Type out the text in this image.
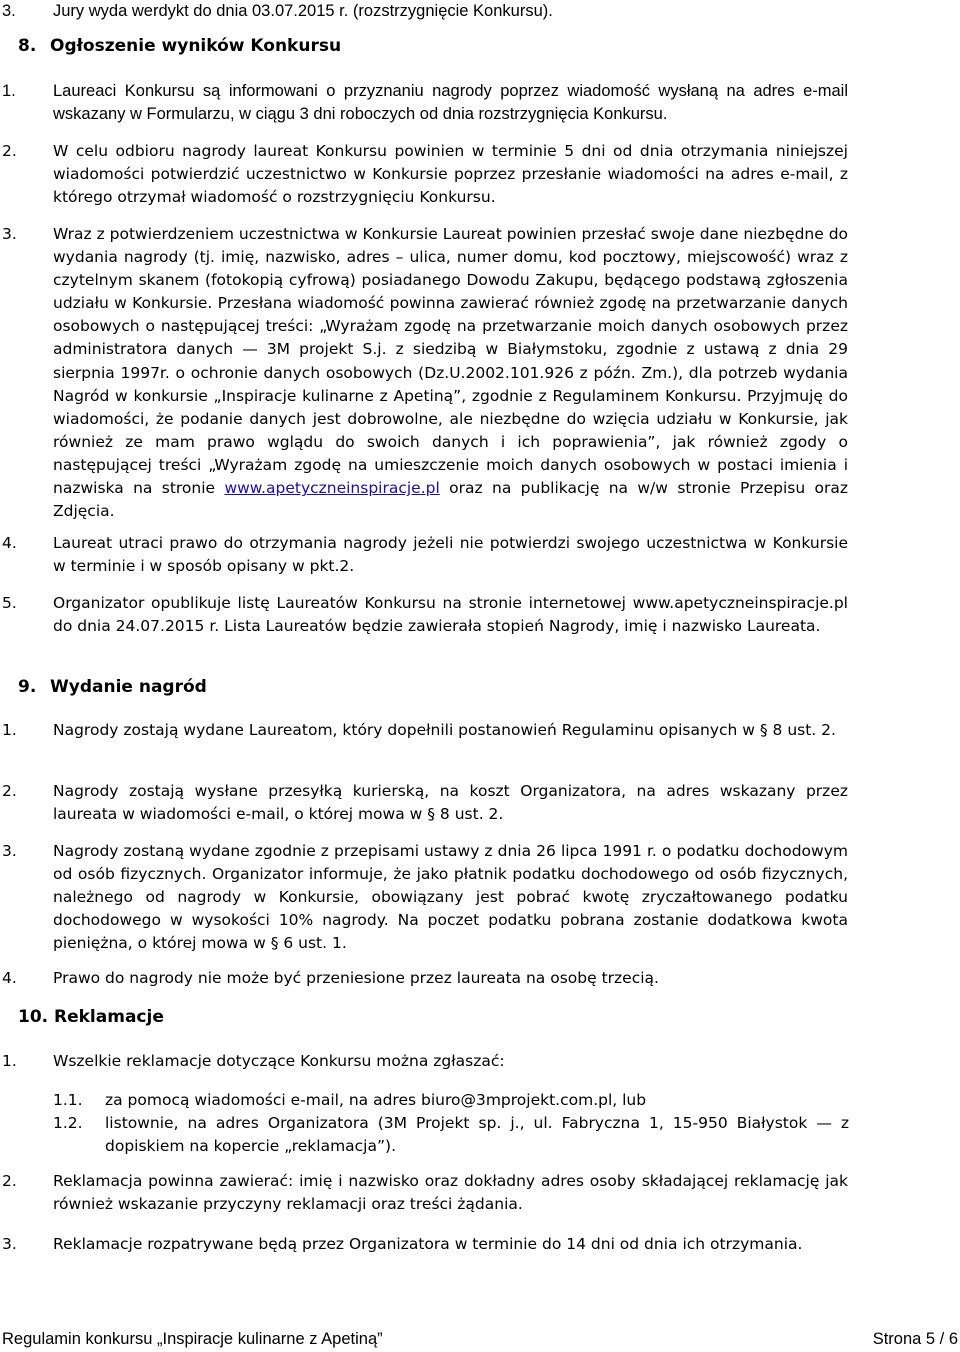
3.	Jury wyda werdykt do dnia 03.07.2015 r. (rozstrzygnięcie Konkursu).
8. Ogłoszenie wyników Konkursu
1.	Laureaci Konkursu są informowani o przyznaniu nagrody poprzez wiadomość wysłaną na adres e-mail wskazany w Formularzu, w ciągu 3 dni roboczych od dnia rozstrzygnięcia Konkursu.
2.	W celu odbioru nagrody laureat Konkursu powinien w terminie 5 dni od dnia otrzymania niniejszej wiadomości potwierdzić uczestnictwo w Konkursie poprzez przesłanie wiadomości na adres e-mail, z którego otrzymał wiadomość o rozstrzygnięciu Konkursu.
3.	Wraz z potwierdzeniem uczestnictwa w Konkursie Laureat powinien przesłać swoje dane niezbędne do wydania nagrody (tj. imię, nazwisko, adres – ulica, numer domu, kod pocztowy, miejscowość) wraz z czytelnym skanem (fotokopią cyfrową) posiadanego Dowodu Zakupu, będącego podstawą zgłoszenia udziału w Konkursie. Przesłana wiadomość powinna zawierać również zgodę na przetwarzanie danych osobowych o następującej treści: „Wyrażam zgodę na przetwarzanie moich danych osobowych przez administratora danych — 3M projekt S.j. z siedzibą w Białymstoku, zgodnie z ustawą z dnia 29 sierpnia 1997r. o ochronie danych osobowych (Dz.U.2002.101.926 z późn. Zm.), dla potrzeb wydania Nagród w konkursie „Inspiracje kulinarne z Apetiną”, zgodnie z Regulaminem Konkursu. Przyjmuję do wiadomości, że podanie danych jest dobrowolne, ale niezbędne do wzięcia udziału w Konkursie, jak również ze mam prawo wglądu do swoich danych i ich poprawienia”, jak również zgody o następującej treści „Wyrażam zgodę na umieszczenie moich danych osobowych w postaci imienia i nazwiska na stronie www.apetyczneinspiracje.pl oraz na publikację na w/w stronie Przepisu oraz Zdjęcia.
4.	Laureat utraci prawo do otrzymania nagrody jeżeli nie potwierdzi swojego uczestnictwa w Konkursie w terminie i w sposób opisany w pkt.2.
5.	Organizator opublikuje listę Laureatów Konkursu na stronie internetowej www.apetyczneinspiracje.pl do dnia 24.07.2015 r. Lista Laureatów będzie zawierała stopień Nagrody, imię i nazwisko Laureata.
9. Wydanie nagród
1.	Nagrody zostają wydane Laureatom, który dopełnili postanowień Regulaminu opisanych w § 8 ust. 2.
2.	Nagrody zostają wysłane przesyłką kurierską, na koszt Organizatora, na adres wskazany przez laureata w wiadomości e-mail, o której mowa w § 8 ust. 2.
3.	Nagrody zostaną wydane zgodnie z przepisami ustawy z dnia 26 lipca 1991 r. o podatku dochodowym od osób fizycznych. Organizator informuje, że jako płatnik podatku dochodowego od osób fizycznych, należnego od nagrody w Konkursie, obowiązany jest pobrać kwotę zryczałtowanego podatku dochodowego w wysokości 10% nagrody. Na poczet podatku pobrana zostanie dodatkowa kwota pieniężna, o której mowa w § 6 ust. 1.
4.	Prawo do nagrody nie może być przeniesione przez laureata na osobę trzecią.
10. Reklamacje
1.	Wszelkie reklamacje dotyczące Konkursu można zgłaszać:
1.1.	za pomocą wiadomości e-mail, na adres biuro@3mprojekt.com.pl, lub
1.2.	listownie, na adres Organizatora (3M Projekt sp. j., ul. Fabryczna 1, 15-950 Białystok — z dopiskiem na kopercie „reklamacja”).
2.	Reklamacja powinna zawierać: imię i nazwisko oraz dokładny adres osoby składającej reklamację jak również wskazanie przyczyny reklamacji oraz treści żądania.
3.	Reklamacje rozpatrywane będą przez Organizatora w terminie do 14 dni od dnia ich otrzymania.
Regulamin konkursu „Inspiracje kulinarne z Apetiną”	Strona 5 / 6
